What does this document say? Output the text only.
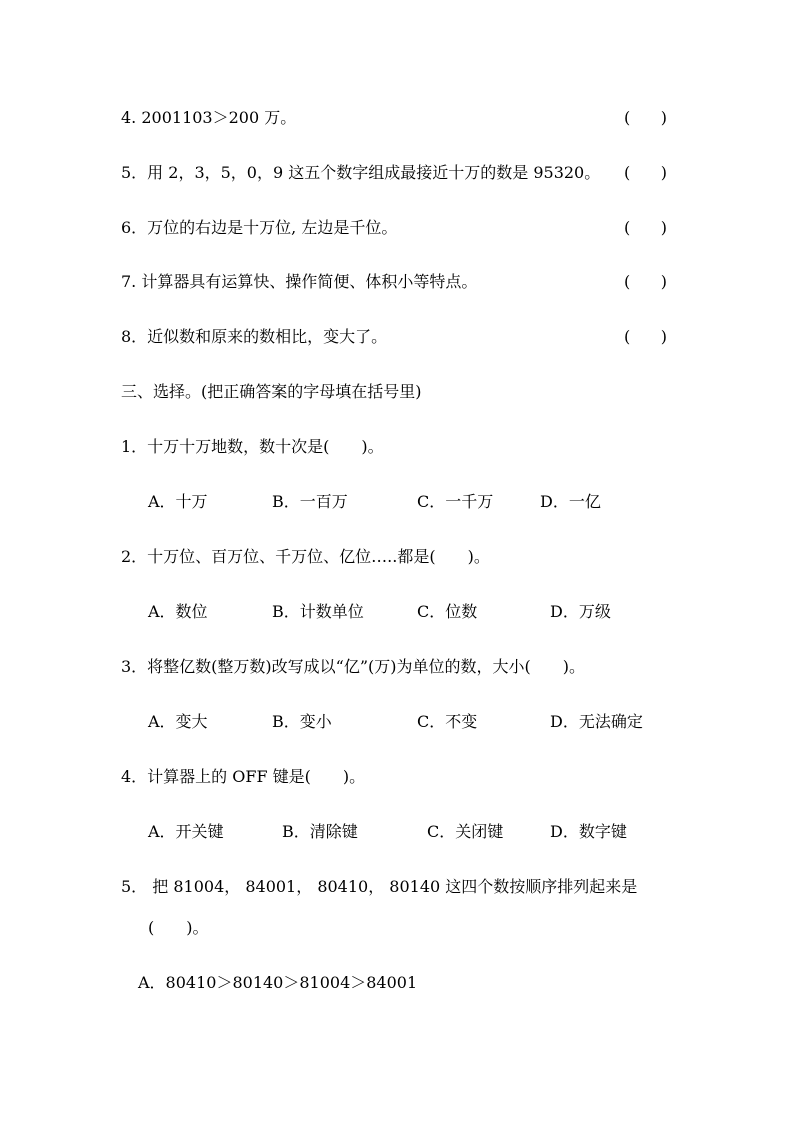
4. 2001103＞200 万。	(      )
5．用 2，3，5，0，9 这五个数字组成最接近十万的数是 95320。 (      )
6．万位的右边是十万位, 左边是千位。	(      )
7. 计算器具有运算快、操作简便、体积小等特点。	(      )
8．近似数和原来的数相比，变大了。	(      )
三、选择。(把正确答案的字母填在括号里)
1．十万十万地数，数十次是(　　)。
A．十万	B．一百万	C．一千万	D．一亿
2．十万位、百万位、千万位、亿位…..都是(　　)。
A．数位	B．计数单位	C．位数	D．万级
3．将整亿数(整万数)改写成以“亿”(万)为单位的数，大小(　　)。
A．变大	B．变小	C．不变	D．无法确定
4．计算器上的 OFF 键是(　　)。
A．开关键	B．清除键	C．关闭键	D．数字键
5． 把 81004， 84001， 80410， 80140 这四个数按顺序排列起来是
(　　)。
A．80410＞80140＞81004＞84001
